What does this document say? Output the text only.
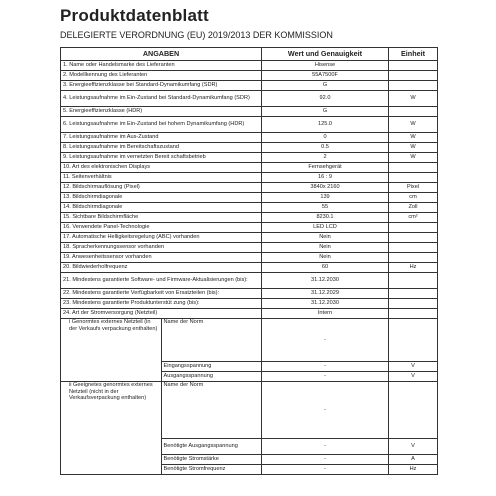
Produktdatenblatt
DELEGIERTE VERORDNUNG (EU) 2019/2013 DER KOMMISSION
ANGABEN		Wert und Genauigkeit	Einheit
1. Name oder Handelsmarke des Lieferanten		Hisense	
2. Modellkennung des Lieferanten		55A7500F	
3. Energieeffizienzklasse bei Standard-Dynamikumfang (SDR)		G	
4. Leistungsaufnahme im Ein-Zustand bei Standard-Dynamikumfang (SDR)		92.0	W
5. Energieeffizienzklasse (HDR)		G	
6. Leistungsaufnahme im Ein-Zustand bei hohem Dynamikumfang (HDR)		125.0	W
7. Leistungsaufnahme im Aus-Zustand		0	W
8. Leistungsaufnahme im Bereitschaftszustand		0.5	W
9. Leistungsaufnahme im vernetzten Bereit schaftsbetrieb		2	W
10. Art des elektronischen Displays		Fernsehgerät	
11. Seitenverhältnis		16 : 9	
12. Bildschirmauflösung (Pixel)		3840x 2160	Pixel
13. Bildschirmdiagonale		139	cm
14. Bildschirmdiagonale		55	Zoll
15. Sichtbare Bildschirmfläche		8230.1	cm²
16. Verwendete Panel-Technologie		LED LCD	
17. Automatische Helligkeitsregelung (ABC) vorhanden		Nein	
18. Spracherkennungssensor vorhanden		Nein	
19. Anwesenheitssensor vorhanden		Nein	
20. Bildwiederholfrequenz		60	Hz
21. Mindestens garantierte Software- und Firmware-Aktualisierungen (bis):		31.12.2030	
22. Mindestens garantierte Verfügbarkeit von Ersatzteilen (bis):		31.12.2029	
23. Mindestens garantierte Produktunterstüt zung (bis):		31.12.2030	
24. Art der Stromversorgung (Netzteil)		Intern	
i Genormtes externes Netzteil (in der Verkaufs verpackung enthalten)	Name der Norm	-	
	Eingangsspannung	-	V
	Ausgangsspannung	-	V
ii Geeignetes genormtes externes Netzteil (nicht in der Verkaufsverpackung enthalten)	Name der Norm	-	
	Benötigte Ausgangsspannung	-	V
	Benötigte Stromstärke	-	A
	Benötigte Stromfrequenz	-	Hz
